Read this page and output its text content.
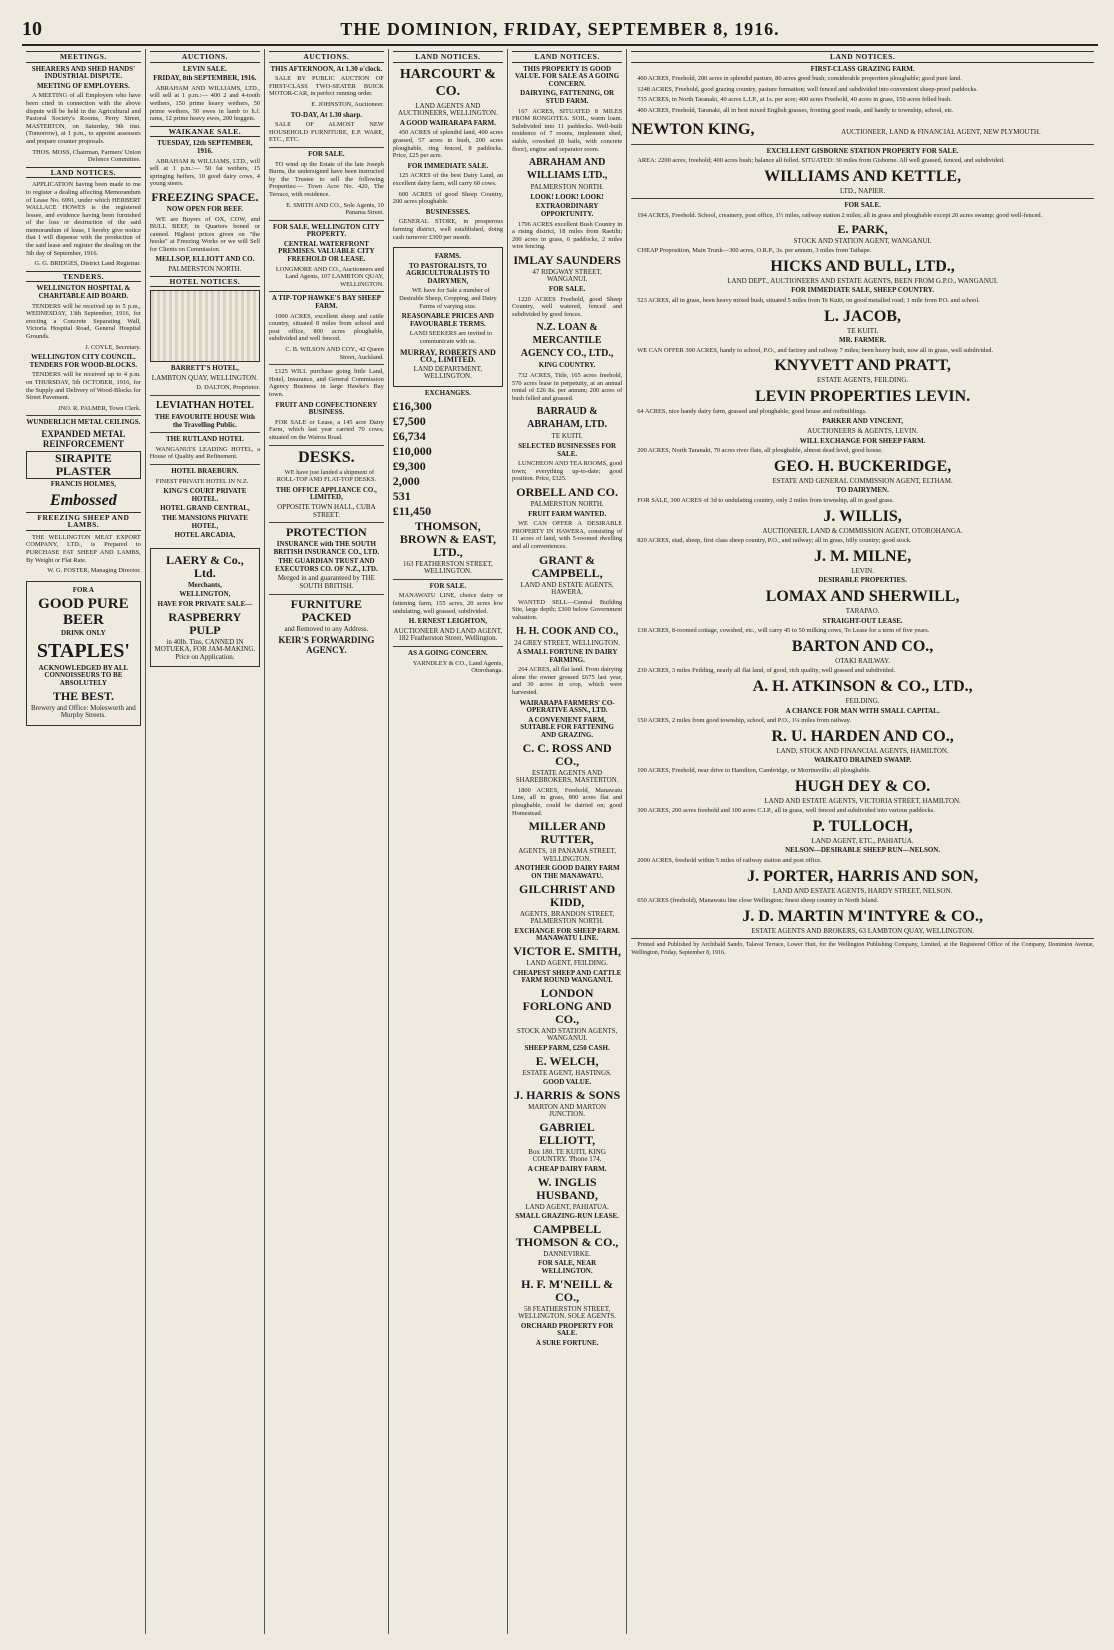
10	THE DOMINION, FRIDAY, SEPTEMBER 8, 1916.
MEETINGS.
SHEARERS AND SHED HANDS' INDUSTRIAL DISPUTE.
MEETING OF EMPLOYERS.

A MEETING of all Employers who have been cited in connection with the above dispute will be held in the Agricultural and Pastoral Society's Rooms, Perry Street, MASTERTON, on Saturday, 9th inst. (Tomorrow), at 1 p.m., to appoint assessors and prepare counter proposals.

THOS. MOSS, Chairman, Farmers' Union Defence Committee.

LAND NOTICES.

APPLICATION having been made to me to register a dealing affecting Memorandum of Lease No. 6991, under which HERBERT WALLACE HOWES is the registered lessee, and evidence having been furnished of the loss or destruction of the said memorandum of lease, I hereby give notice that I will dispense with the production of the said lease and register the dealing on the 5th day of September, 1916.

G. G. BRIDGES, District Land Registrar.

TENDERS.
WELLINGTON HOSPITAL & CHARITABLE AID BOARD.

TENDERS will be received up to 5 p.m., WEDNESDAY, 13th September, 1916, for erecting a Concrete Separating Wall, Victoria Hospital Road, General Hospital Grounds.

J. COYLE, Secretary.

WELLINGTON CITY COUNCIL. TENDERS FOR WOOD-BLOCKS.

TENDERS will be received up to 4 p.m. on THURSDAY, 5th OCTOBER, 1916, for the Supply and Delivery of Wood-Blocks for Street Pavement.

JNO. R. PALMER, Town Clerk.

WUNDERLICH METAL CEILINGS.
EXPANDED METAL REINFORCEMENT
SIRAPITE PLASTER
FRANCIS HOLMES,
Embossed
FREEZING SHEEP AND LAMBS.

THE WELLINGTON MEAT EXPORT COMPANY, LTD., is Prepared to PURCHASE FAT SHEEP AND LAMBS, By Weight or Flat Rate.

W. G. FOSTER, Managing Director.

FOR A
GOOD PURE BEER
DRINK ONLY
STAPLES'
ACKNOWLEDGED BY ALL CONNOISSEURS TO BE ABSOLUTELY
THE BEST.
Brewery and Office: Molesworth and Murphy Streets.
AUCTIONS.
LEVIN SALE.
FRIDAY, 8th SEPTEMBER, 1916.

ABRAHAM AND WILLIAMS, LTD., will sell at 1 p.m.:— 400 2 and 4-tooth wethers, 150 prime heavy wethers, 50 prime wethers, 50 ewes in lamb to h.f. rams, 12 prime heavy ewes, 200 hoggets.

WAIKANAE SALE.
TUESDAY, 12th SEPTEMBER, 1916.

ABRAHAM & WILLIAMS, LTD., will sell at 1 p.m.:— 50 fat wethers, 15 springing heifers, 10 good dairy cows, 4 young steers.

FREEZING SPACE.
NOW OPEN FOR BEEF.

WE are Buyers of OX, COW, and BULL BEEF, in Quarters boned or canned. Highest prices given on "the hooks" at Freezing Works or we will Sell for Clients on Commission.

MELLSOP, ELLIOTT AND CO.
PALMERSTON NORTH.
HOTEL NOTICES.
BARRETT'S HOTEL,
LAMBTON QUAY, WELLINGTON.

D. DALTON, Proprietor.

LEVIATHAN HOTEL
THE FAVOURITE HOUSE With the Travelling Public.
THE RUTLAND HOTEL

WANGANUI'S LEADING HOTEL, a House of Quality and Refinement.

HOTEL BRAEBURN.

FINEST PRIVATE HOTEL IN N.Z.

KING'S COURT PRIVATE HOTEL.
HOTEL GRAND CENTRAL,
THE MANSIONS PRIVATE HOTEL,
HOTEL ARCADIA,
LAERY & Co., Ltd.
Merchants,
WELLINGTON,
HAVE FOR PRIVATE SALE—
RASPBERRY PULP
in 40lb. Tins, CANNED IN MOTUEKA, FOR JAM-MAKING. Price on Application.
AUCTIONS.
THIS AFTERNOON, At 1.30 o'clock.

SALE BY PUBLIC AUCTION OF FIRST-CLASS TWO-SEATER BUICK MOTOR-CAR, in perfect running order.

E. JOHNSTON, Auctioneer.

TO-DAY, At 1.30 sharp.

SALE OF ALMOST NEW HOUSEHOLD FURNITURE, E.P. WARE, ETC., ETC.

FOR SALE.

TO wind up the Estate of the late Joseph Burns, the undersigned have been instructed by the Trustee to sell the following Properties:— Town Acre No. 420, The Terrace, with residence.

E. SMITH AND CO., Sole Agents, 10 Panama Street.

FOR SALE. WELLINGTON CITY PROPERTY.
CENTRAL WATERFRONT PREMISES. VALUABLE CITY FREEHOLD OR LEASE.

LONGMORE AND CO., Auctioneers and Land Agents, 107 LAMBTON QUAY, WELLINGTON.

A TIP-TOP HAWKE'S BAY SHEEP FARM.

1000 ACRES, excellent sheep and cattle country, situated 8 miles from school and post office, 800 acres ploughable, subdivided and well fenced.

C. B. WILSON AND COY., 42 Queen Street, Auckland.

£125 WILL purchase going little Land, Hotel, Insurance, and General Commission Agency Business in large Hawke's Bay town.

FRUIT AND CONFECTIONERY BUSINESS.

FOR SALE or Lease, a 145 acre Dairy Farm, which last year carried 70 cows; situated on the Wairoa Road.

DESKS.

WE have just landed a shipment of ROLL-TOP AND FLAT-TOP DESKS.

THE OFFICE APPLIANCE CO., LIMITED,
OPPOSITE TOWN HALL, CUBA STREET.
PROTECTION
INSURANCE with THE SOUTH BRITISH INSURANCE CO., LTD.
THE GUARDIAN TRUST AND EXECUTORS CO. OF N.Z., LTD.
Merged in and guaranteed by THE SOUTH BRITISH.
FURNITURE PACKED
and Removed to any Address.
KEIR'S FORWARDING AGENCY.
LAND NOTICES.
HARCOURT & CO.
LAND AGENTS AND AUCTIONEERS, WELLINGTON.
A GOOD WAIRARAPA FARM.

450 ACRES of splendid land, 400 acres grassed, 57 acres in bush, 200 acres ploughable, ring fenced, 8 paddocks. Price, £25 per acre.

FOR IMMEDIATE SALE.

125 ACRES of the best Dairy Land, an excellent dairy farm, will carry 60 cows.

600 ACRES of good Sheep Country, 200 acres ploughable.

BUSINESSES.

GENERAL STORE, in prosperous farming district, well established, doing cash turnover £300 per month.

FARMS.
TO PASTORALISTS, TO AGRICULTURALISTS TO DAIRYMEN,

WE have for Sale a number of Desirable Sheep, Cropping, and Dairy Farms of varying size.

REASONABLE PRICES AND FAVOURABLE TERMS.

LAND SEEKERS are invited to communicate with us.

MURRAY, ROBERTS AND CO., LIMITED.
LAND DEPARTMENT, WELLINGTON.
EXCHANGES.
£16,300
£7,500
£6,734
£10,000
£9,300
2,000
531
£11,450
THOMSON, BROWN & EAST, LTD.,
163 FEATHERSTON STREET, WELLINGTON.
FOR SALE.

MANAWATU LINE, choice dairy or fattening farm, 155 acres, 20 acres low undulating, well grassed, subdivided.

H. ERNEST LEIGHTON,
AUCTIONEER AND LAND AGENT, 182 Featherston Street, Wellington.
AS A GOING CONCERN.

YARNDLEY & CO., Land Agents, Otorohanga.

LAND NOTICES.
THIS PROPERTY IS GOOD VALUE. FOR SALE AS A GOING CONCERN.
DAIRYING, FATTENING, OR STUD FARM.

167 ACRES, SITUATED 8 MILES FROM RONGOTEA. SOIL, warm loam. Subdivided into 11 paddocks. Well-built residence of 7 rooms, implement shed, stable, cowshed (8 bails, with concrete floor), engine and separator room.

ABRAHAM AND WILLIAMS LTD.,
PALMERSTON NORTH.
LOOK! LOOK! LOOK!
EXTRAORDINARY OPPORTUNITY.

1796 ACRES excellent Bush Country in a rising district, 18 miles from Raetihi; 200 acres in grass, 6 paddocks, 2 miles wire fencing.

IMLAY SAUNDERS
47 RIDGWAY STREET, WANGANUI.
FOR SALE.

1220 ACRES Freehold, good Sheep Country, well watered, fenced and subdivided by good fences.

N.Z. LOAN & MERCANTILE AGENCY CO., LTD.,
KING COUNTRY.

732 ACRES, Title, 165 acres freehold, 570 acres lease in perpetuity, at an annual rental of £26 8s. per annum; 200 acres of bush felled and grassed.

BARRAUD & ABRAHAM, LTD.
TE KUITI.
SELECTED BUSINESSES FOR SALE.

LUNCHEON AND TEA ROOMS, good town; everything up-to-date; good position. Price, £325.

ORBELL AND CO.
PALMERSTON NORTH.
FRUIT FARM WANTED.

WE CAN OFFER A DESIRABLE PROPERTY IN HAWERA, consisting of 11 acres of land, with 5-roomed dwelling and all conveniences.

GRANT & CAMPBELL,
LAND AND ESTATE AGENTS, HAWERA.

WANTED SELL—Central Building Site, large depth; £300 below Government valuation.

H. H. COOK AND CO.,
24 GREY STREET, WELLINGTON.
A SMALL FORTUNE IN DAIRY FARMING.

264 ACRES, all flat land. From dairying alone the owner grossed £675 last year, and 30 acres in crop, which were harvested.

WAIRARAPA FARMERS' CO-OPERATIVE ASSN., LTD.
A CONVENIENT FARM, SUITABLE FOR FATTENING AND GRAZING.
C. C. ROSS AND CO.,
ESTATE AGENTS AND SHAREBROKERS, MASTERTON.

1800 ACRES, Freehold, Manawatu Line, all in grass, 800 acres flat and ploughable, could be dairied on; good Homestead.

MILLER AND RUTTER,
AGENTS, 18 PANAMA STREET, WELLINGTON.
ANOTHER GOOD DAIRY FARM ON THE MANAWATU.
GILCHRIST AND KIDD,
AGENTS, BRANDON STREET, PALMERSTON NORTH.
EXCHANGE FOR SHEEP FARM. MANAWATU LINE.
VICTOR E. SMITH,
LAND AGENT, FEILDING.
CHEAPEST SHEEP AND CATTLE FARM ROUND WANGANUI.
LONDON FORLONG AND CO.,
STOCK AND STATION AGENTS, WANGANUI.
SHEEP FARM, £250 CASH.
E. WELCH,
ESTATE AGENT, HASTINGS.
GOOD VALUE.
J. HARRIS & SONS
MARTON AND MARTON JUNCTION.
GABRIEL ELLIOTT,
Box 180. TE KUITI, KING COUNTRY. 'Phone 174.
A CHEAP DAIRY FARM.
W. INGLIS HUSBAND,
LAND AGENT, PAHIATUA.
SMALL GRAZING-RUN LEASE.
CAMPBELL THOMSON & CO.,
DANNEVIRKE.
FOR SALE, NEAR WELLINGTON.
H. F. M'NEILL & CO.,
58 FEATHERSTON STREET, WELLINGTON. SOLE AGENTS.
ORCHARD PROPERTY FOR SALE.
A SURE FORTUNE.
LAND NOTICES.
FIRST-CLASS GRAZING FARM.

400 ACRES, Freehold, 200 acres in splendid pasture, 80 acres good bush; considerable proportion ploughable; good pure land.

1248 ACRES, Freehold, good grazing country, pasture formation; well fenced and subdivided into convenient sheep-proof paddocks.

735 ACRES, in North Taranaki, 40 acres L.I.P., at 1s. per acre; 400 acres Freehold, 40 acres in grass, 150 acres felled bush.

400 ACRES, Freehold, Taranaki, all in best mixed English grasses, fronting good roads, and handy to township, school, etc.

NEWTON KING,	AUCTIONEER, LAND & FINANCIAL AGENT, NEW PLYMOUTH.
EXCELLENT GISBORNE STATION PROPERTY FOR SALE.

AREA: 2200 acres, freehold; 400 acres bush; balance all felled. SITUATED: 30 miles from Gisborne. All well grassed, fenced, and subdivided.

WILLIAMS AND KETTLE,
LTD., NAPIER.
FOR SALE.

194 ACRES, Freehold. School, creamery, post office, 1½ miles, railway station 2 miles; all in grass and ploughable except 20 acres swamp; good well-fenced.

E. PARK,
STOCK AND STATION AGENT, WANGANUI.

CHEAP Proposition, Main Trunk—300 acres, O.R.P., 3s. per annum, 3 miles from Taihape.

HICKS AND BULL, LTD.,
LAND DEPT., AUCTIONEERS AND ESTATE AGENTS, BEEN FROM G.P.O., WANGANUI.
FOR IMMEDIATE SALE, SHEEP COUNTRY.

523 ACRES, all in grass, been heavy mixed bush, situated 5 miles from Te Kuiti, on good metalled road; 1 mile from P.O. and school.

L. JACOB,
TE KUITI.
MR. FARMER.

WE CAN OFFER 300 ACRES, handy to school, P.O., and factory and railway 7 miles; been heavy bush, now all in grass, well subdivided.

KNYVETT AND PRATT,
ESTATE AGENTS, FEILDING.
LEVIN PROPERTIES LEVIN.

64 ACRES, nice handy dairy farm, grassed and ploughable; good house and outbuildings.

PARKER AND VINCENT,
AUCTIONEERS & AGENTS, LEVIN.
WILL EXCHANGE FOR SHEEP FARM.

200 ACRES, North Taranaki, 70 acres river flats, all ploughable, almost dead level, good house.

GEO. H. BUCKERIDGE,
ESTATE AND GENERAL COMMISSION AGENT, ELTHAM.
TO DAIRYMEN.

FOR SALE, 300 ACRES of 3d to undulating country, only 2 miles from township, all in good grass.

J. WILLIS,
AUCTIONEER, LAND & COMMISSION AGENT, OTOROHANGA.

820 ACRES, stud, sheep, first class sheep country, P.O., and railway; all in grass, hilly country; good stock.

J. M. MILNE,
LEVIN.
DESIRABLE PROPERTIES.
LOMAX AND SHERWILL,
TARAPAO.
STRAIGHT-OUT LEASE.

138 ACRES, 8-roomed cottage, cowshed, etc., will carry 45 to 50 milking cows, To Lease for a term of five years.

BARTON AND CO.,
OTAKI RAILWAY.

230 ACRES, 3 miles Feilding, nearly all flat land, of good, rich quality, well grassed and subdivided.

A. H. ATKINSON & CO., LTD.,
FEILDING.
A CHANCE FOR MAN WITH SMALL CAPITAL.

150 ACRES, 2 miles from good township, school, and P.O., 1¼ miles from railway.

R. U. HARDEN AND CO.,
LAND, STOCK AND FINANCIAL AGENTS, HAMILTON.
WAIKATO DRAINED SWAMP.

100 ACRES, Freehold, near drive to Hamilton, Cambridge, or Morrinsville; all ploughable.

HUGH DEY & CO.
LAND AND ESTATE AGENTS, VICTORIA STREET, HAMILTON.

300 ACRES, 200 acres freehold and 100 acres C.I.P., all in grass, well fenced and subdivided into various paddocks.

P. TULLOCH,
LAND AGENT, ETC., PAHIATUA.
NELSON—DESIRABLE SHEEP RUN—NELSON.

2000 ACRES, freehold within 5 miles of railway station and post office.

J. PORTER, HARRIS AND SON,
LAND AND ESTATE AGENTS, HARDY STREET, NELSON.

650 ACRES (freehold), Manawatu line close Wellington; finest sheep country in North Island.

J. D. MARTIN M'INTYRE & CO.,
ESTATE AGENTS AND BROKERS, 63 LAMBTON QUAY, WELLINGTON.

Printed and Published by Archibald Sando, Talavai Terrace, Lower Hutt, for the Wellington Publishing Company, Limited, at the Registered Office of the Company, Dominion Avenue, Wellington, Friday, September 8, 1916.
